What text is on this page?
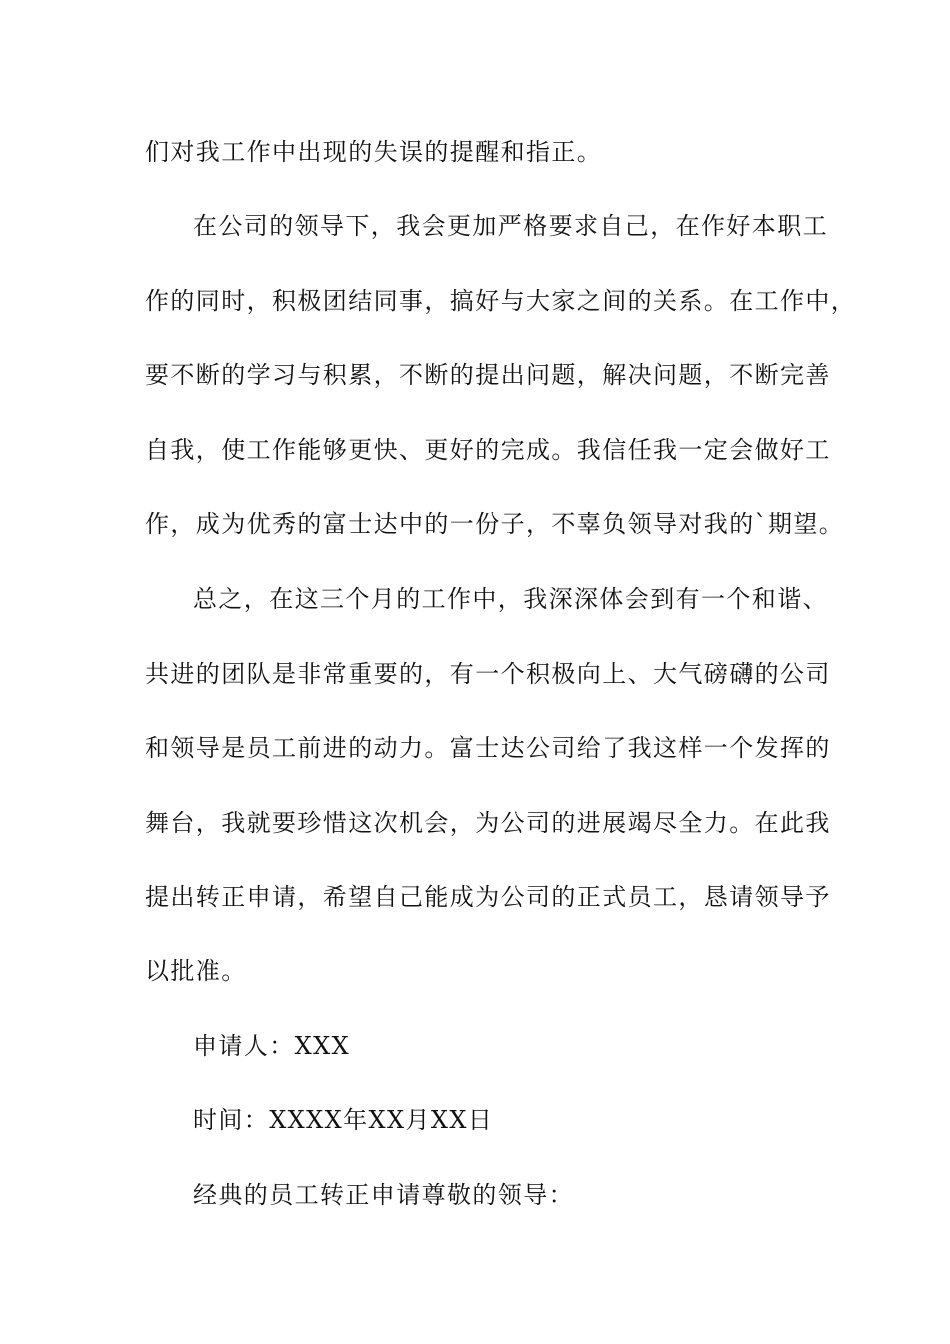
们对我工作中出现的失误的提醒和指正。
在公司的领导下，我会更加严格要求自己，在作好本职工
作的同时，积极团结同事，搞好与大家之间的关系。在工作中，
要不断的学习与积累，不断的提出问题，解决问题，不断完善
自我，使工作能够更快、更好的完成。我信任我一定会做好工
作，成为优秀的富士达中的一份子，不辜负领导对我的`期望。
总之，在这三个月的工作中，我深深体会到有一个和谐、
共进的团队是非常重要的，有一个积极向上、大气磅礴的公司
和领导是员工前进的动力。富士达公司给了我这样一个发挥的
舞台，我就要珍惜这次机会，为公司的进展竭尽全力。在此我
提出转正申请，希望自己能成为公司的正式员工，恳请领导予
以批准。
申请人：XXX
时间：XXXX年XX月XX日
经典的员工转正申请尊敬的领导：
